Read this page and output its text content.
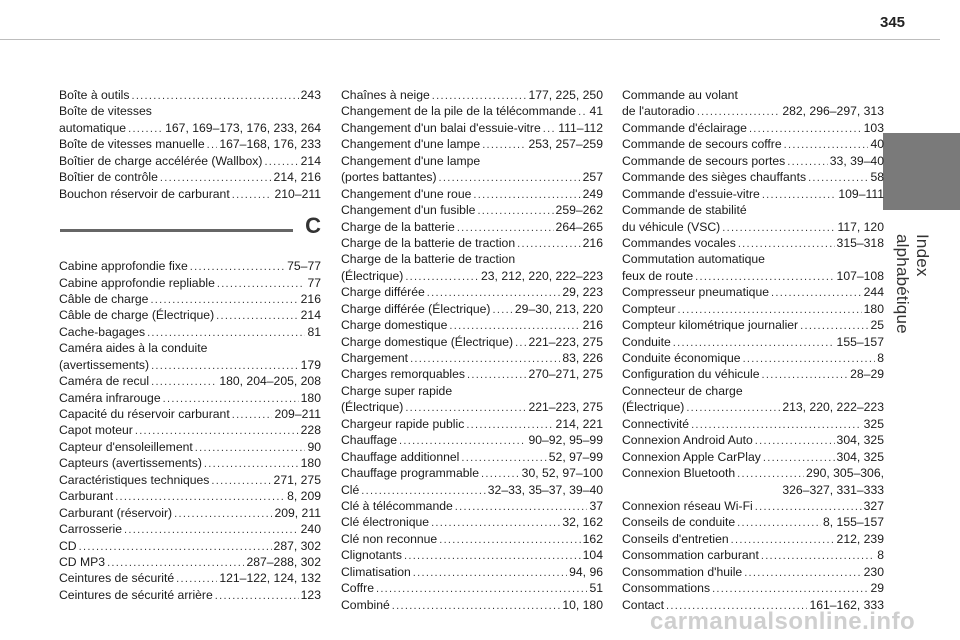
345
Index alphabétique
Boîte à outils .....	243
Boîte de vitesses
automatique .....	167, 169–173, 176, 233, 264
Boîte de vitesses manuelle ..... 167–168, 176, 233
Boîtier de charge accélérée (Wallbox) .....	214
Boîtier de contrôle .....	214, 216
Bouchon réservoir de carburant .....	210–211
C
Cabine approfondie fixe .....	75–77
Cabine approfondie repliable .....	77
Câble de charge .....	216
Câble de charge (Électrique) .....	214
Cache-bagages .....	81
Caméra aides à la conduite
(avertissements) .....	179
Caméra de recul .....	180, 204–205, 208
Caméra infrarouge .....	180
Capacité du réservoir carburant .....	209–211
Capot moteur .....	228
Capteur d'ensoleillement .....	90
Capteurs (avertissements) .....	180
Caractéristiques techniques .....	271, 275
Carburant .....	8, 209
Carburant (réservoir) .....	209, 211
Carrosserie .....	240
CD .....	287, 302
CD MP3 .....	287–288, 302
Ceintures de sécurité .....	121–122, 124, 132
Ceintures de sécurité arrière .....	123
Chaînes à neige .....	177, 225, 250
Changement de la pile de la télécommande ..... 41
Changement d'un balai d'essuie-vitre ..... 111–112
Changement d'une lampe .....	253, 257–259
Changement d'une lampe
(portes battantes) .....	257
Changement d'une roue .....	249
Changement d'un fusible .....	259–262
Charge de la batterie .....	264–265
Charge de la batterie de traction .....	216
Charge de la batterie de traction
(Électrique) .....	23, 212, 220, 222–223
Charge différée .....	29, 223
Charge différée (Électrique) ..... 29–30, 213, 220
Charge domestique .....	216
Charge domestique (Électrique) ..... 221–223, 275
Chargement .....	83, 226
Charges remorquables .....	270–271, 275
Charge super rapide
(Électrique) .....	221–223, 275
Chargeur rapide public .....	214, 221
Chauffage .....	90–92, 95–99
Chauffage additionnel .....	52, 97–99
Chauffage programmable .....	30, 52, 97–100
Clé .....	32–33, 35–37, 39–40
Clé à télécommande .....	37
Clé électronique .....	32, 162
Clé non reconnue .....	162
Clignotants .....	104
Climatisation .....	94, 96
Coffre .....	51
Combiné .....	10, 180
Commande au volant
de l'autoradio .....	282, 296–297, 313
Commande d'éclairage .....	103
Commande de secours coffre .....	40
Commande de secours portes .....	33, 39–40
Commande des sièges chauffants .....	58
Commande d'essuie-vitre .....	109–111
Commande de stabilité
du véhicule (VSC) .....	117, 120
Commandes vocales .....	315–318
Commutation automatique
feux de route .....	107–108
Compresseur pneumatique .....	244
Compteur .....	180
Compteur kilométrique journalier .....	25
Conduite .....	155–157
Conduite économique .....	8
Configuration du véhicule .....	28–29
Connecteur de charge
(Électrique) .....	213, 220, 222–223
Connectivité .....	325
Connexion Android Auto .....	304, 325
Connexion Apple CarPlay .....	304, 325
Connexion Bluetooth .....	290, 305–306,
326–327, 331–333
Connexion réseau Wi-Fi .....	327
Conseils de conduite .....	8, 155–157
Conseils d'entretien .....	212, 239
Consommation carburant .....	8
Consommation d'huile .....	230
Consommations .....	29
Contact .....	161–162, 333
carmanualsonline.info
